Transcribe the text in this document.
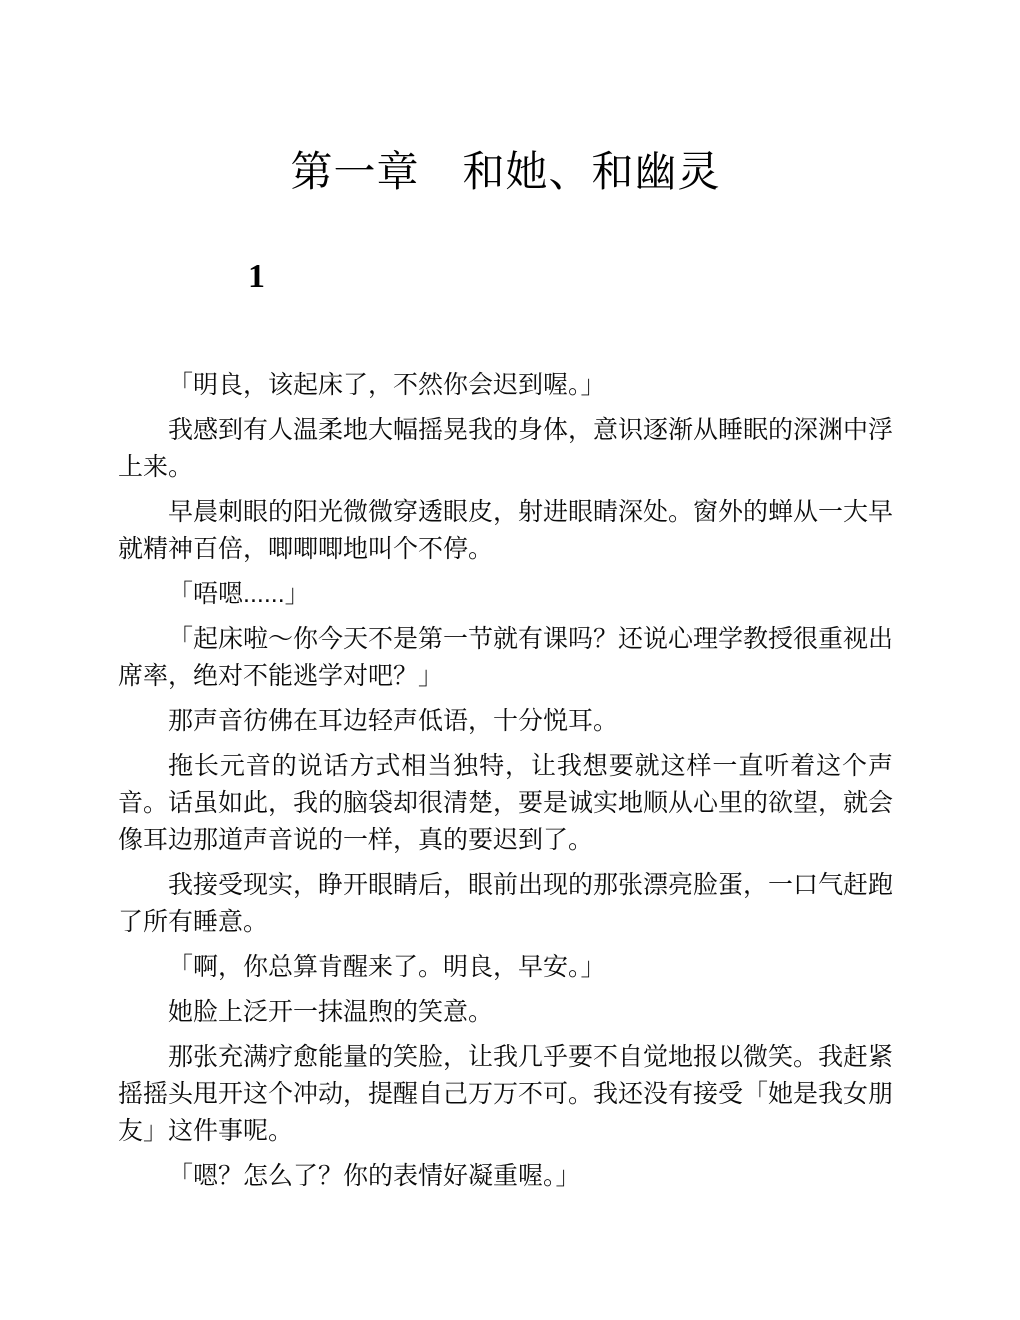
第一章　和她、和幽灵
1

「明良，该起床了，不然你会迟到喔。」

我感到有人温柔地大幅摇晃我的身体，意识逐渐从睡眠的深渊中浮上来。

早晨刺眼的阳光微微穿透眼皮，射进眼睛深处。窗外的蝉从一大早就精神百倍，唧唧唧地叫个不停。

「唔嗯......」

「起床啦～你今天不是第一节就有课吗？还说心理学教授很重视出席率，绝对不能逃学对吧？」

那声音彷佛在耳边轻声低语，十分悦耳。

拖长元音的说话方式相当独特，让我想要就这样一直听着这个声音。话虽如此，我的脑袋却很清楚，要是诚实地顺从心里的欲望，就会像耳边那道声音说的一样，真的要迟到了。

我接受现实，睁开眼睛后，眼前出现的那张漂亮脸蛋，一口气赶跑了所有睡意。

「啊，你总算肯醒来了。明良，早安。」

她脸上泛开一抹温煦的笑意。

那张充满疗愈能量的笑脸，让我几乎要不自觉地报以微笑。我赶紧摇摇头甩开这个冲动，提醒自己万万不可。我还没有接受「她是我女朋友」这件事呢。

「嗯？怎么了？你的表情好凝重喔。」
